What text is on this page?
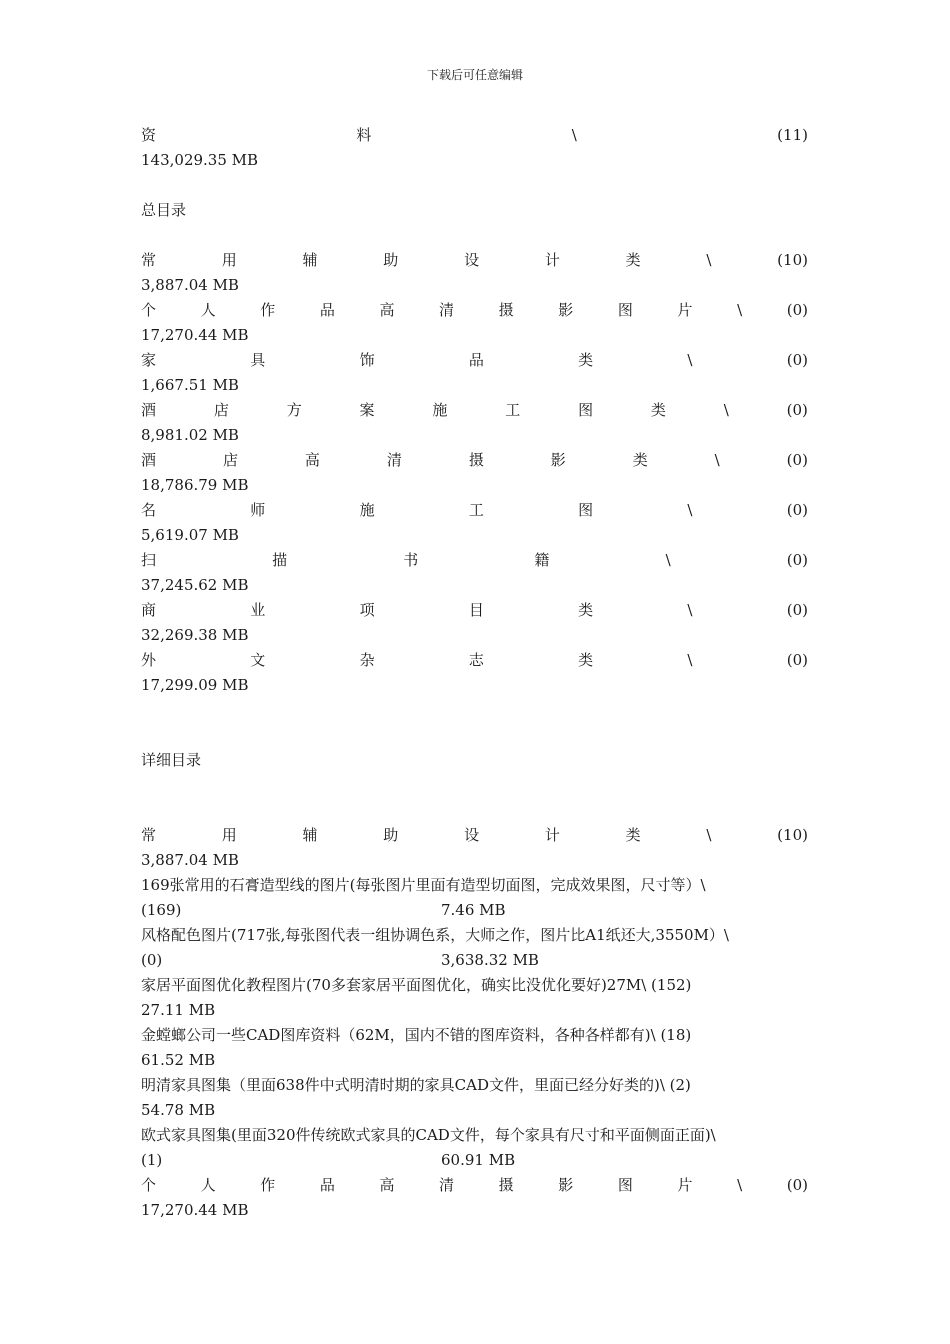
下载后可任意编辑
资	料	\	(11)
143,029.35 MB
总目录
常	用	辅	助	设	计	类	\	(10)
3,887.04 MB
个	人	作	品	高	清	摄	影	图	片	\	(0)
17,270.44 MB
家	具	饰	品	类	\	(0)
1,667.51 MB
酒	店	方	案	施	工	图	类	\	(0)
8,981.02 MB
酒	店	高	清	摄	影	类	\	(0)
18,786.79 MB
名	师	施	工	图	\	(0)
5,619.07 MB
扫	描	书	籍	\	(0)
37,245.62 MB
商	业	项	目	类	\	(0)
32,269.38 MB
外	文	杂	志	类	\	(0)
17,299.09 MB
详细目录
常	用	辅	助	设	计	类	\	(10)
3,887.04 MB
169张常用的石膏造型线的图片(每张图片里面有造型切面图，完成效果图，尺寸等）\
(169)	7.46 MB
风格配色图片(717张,每张图代表一组协调色系，大师之作，图片比A1纸还大,3550M）\
(0)	3,638.32 MB
家居平面图优化教程图片(70多套家居平面图优化，确实比没优化要好)27M\ (152)
27.11 MB
金螳螂公司一些CAD图库资料（62M，国内不错的图库资料，各种各样都有)\ (18)
61.52 MB
明清家具图集（里面638件中式明清时期的家具CAD文件，里面已经分好类的)\ (2)
54.78 MB
欧式家具图集(里面320件传统欧式家具的CAD文件，每个家具有尺寸和平面侧面正面)\
(1)	60.91 MB
个	人	作	品	高	清	摄	影	图	片	\	(0)
17,270.44 MB
